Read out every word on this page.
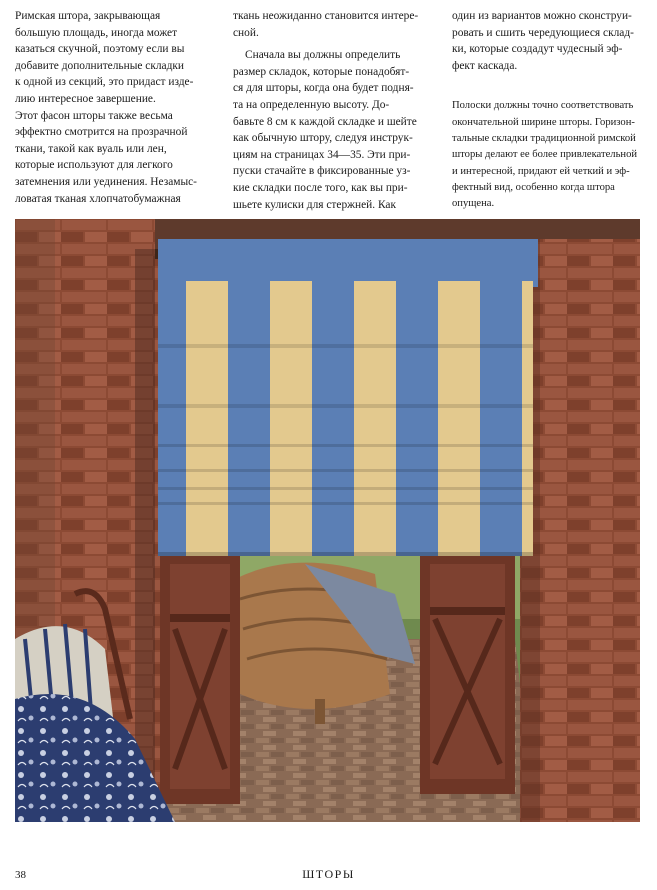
Римская штора, закрывающая
большую площадь, иногда может
казаться скучной, поэтому если вы
добавите дополнительные складки
к одной из секций, это придаст изде-
лию интересное завершение.
Этот фасон шторы также весьма
эффектно смотрится на прозрачной
ткани, такой как вуаль или лен,
которые используют для легкого
затемнения или уединения. Незамыс-
ловатая тканая хлопчатобумажная

ткань неожиданно становится интере-
сной.

Сначала вы должны определить
размер складок, которые понадобят-
ся для шторы, когда она будет подня-
та на определенную высоту. До-
бавьте 8 см к каждой складке и шейте
как обычную штору, следуя инструк-
циям на страницах 34—35. Эти при-
пуски стачайте в фиксированные уз-
кие складки после того, как вы при-
шьете кулиски для стержней. Как

один из вариантов можно сконструи-
ровать и сшить чередующиеся склад-
ки, которые создадут чудесный эф-
фект каскада.

Полоски должны точно соответствовать
окончательной ширине шторы. Горизон-
тальные складки традиционной римской
шторы делают ее более привлекательной
и интересной, придают ей четкий и эф-
фектный вид, особенно когда штора
опущена.

38	ШТОРЫ
